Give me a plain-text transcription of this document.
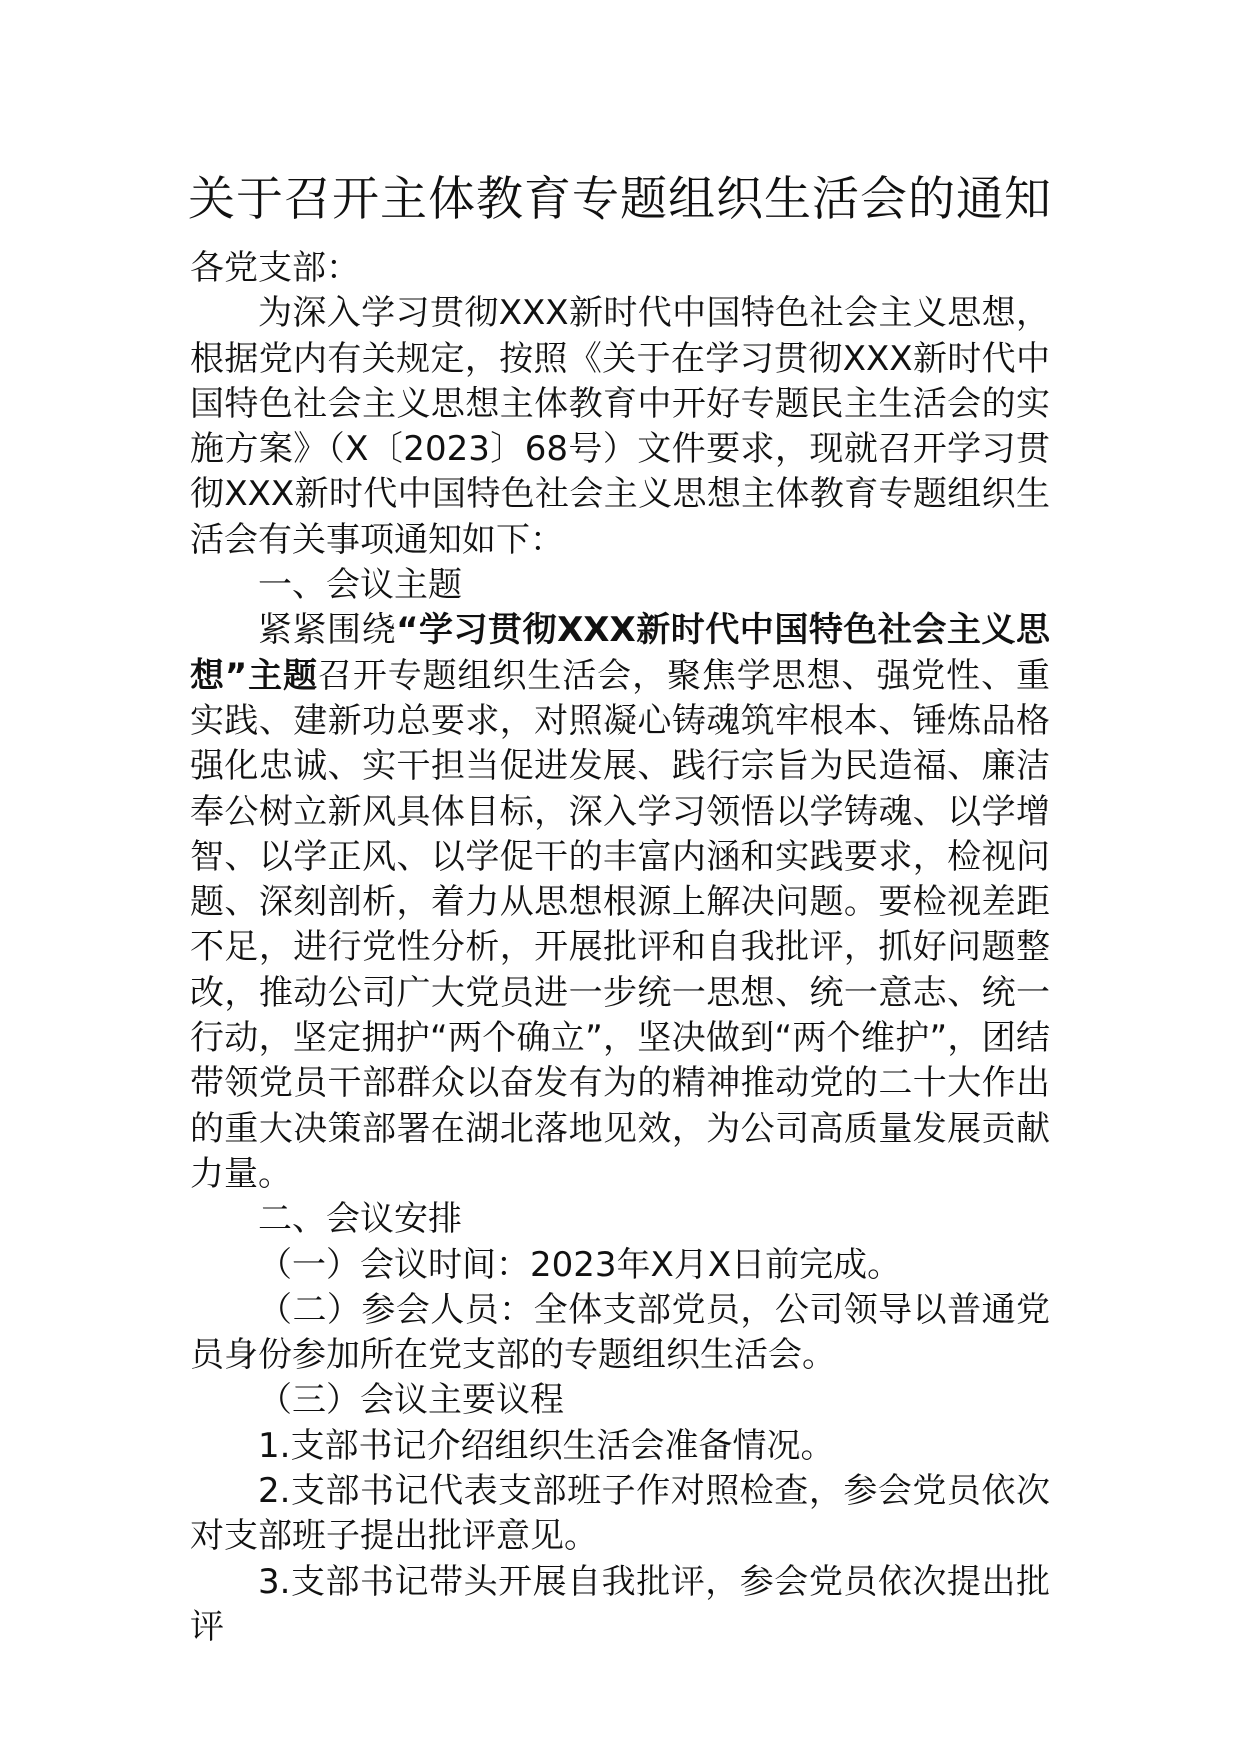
关于召开主体教育专题组织生活会的通知

各党支部：

为深入学习贯彻XXX新时代中国特色社会主义思想，根据党内有关规定，按照《关于在学习贯彻XXX新时代中国特色社会主义思想主体教育中开好专题民主生活会的实施方案》（X〔2023〕68号）文件要求，现就召开学习贯彻XXX新时代中国特色社会主义思想主体教育专题组织生活会有关事项通知如下：

一、会议主题

紧紧围绕“学习贯彻XXX新时代中国特色社会主义思想”主题召开专题组织生活会，聚焦学思想、强党性、重实践、建新功总要求，对照凝心铸魂筑牢根本、锤炼品格强化忠诚、实干担当促进发展、践行宗旨为民造福、廉洁奉公树立新风具体目标，深入学习领悟以学铸魂、以学增智、以学正风、以学促干的丰富内涵和实践要求，检视问题、深刻剖析，着力从思想根源上解决问题。要检视差距不足，进行党性分析，开展批评和自我批评，抓好问题整改，推动公司广大党员进一步统一思想、统一意志、统一行动，坚定拥护“两个确立”，坚决做到“两个维护”，团结带领党员干部群众以奋发有为的精神推动党的二十大作出的重大决策部署在湖北落地见效，为公司高质量发展贡献力量。

二、会议安排

（一）会议时间：2023年X月X日前完成。

（二）参会人员：全体支部党员，公司领导以普通党员身份参加所在党支部的专题组织生活会。

（三）会议主要议程

1.支部书记介绍组织生活会准备情况。

2.支部书记代表支部班子作对照检查，参会党员依次对支部班子提出批评意见。

3.支部书记带头开展自我批评，参会党员依次提出批评
